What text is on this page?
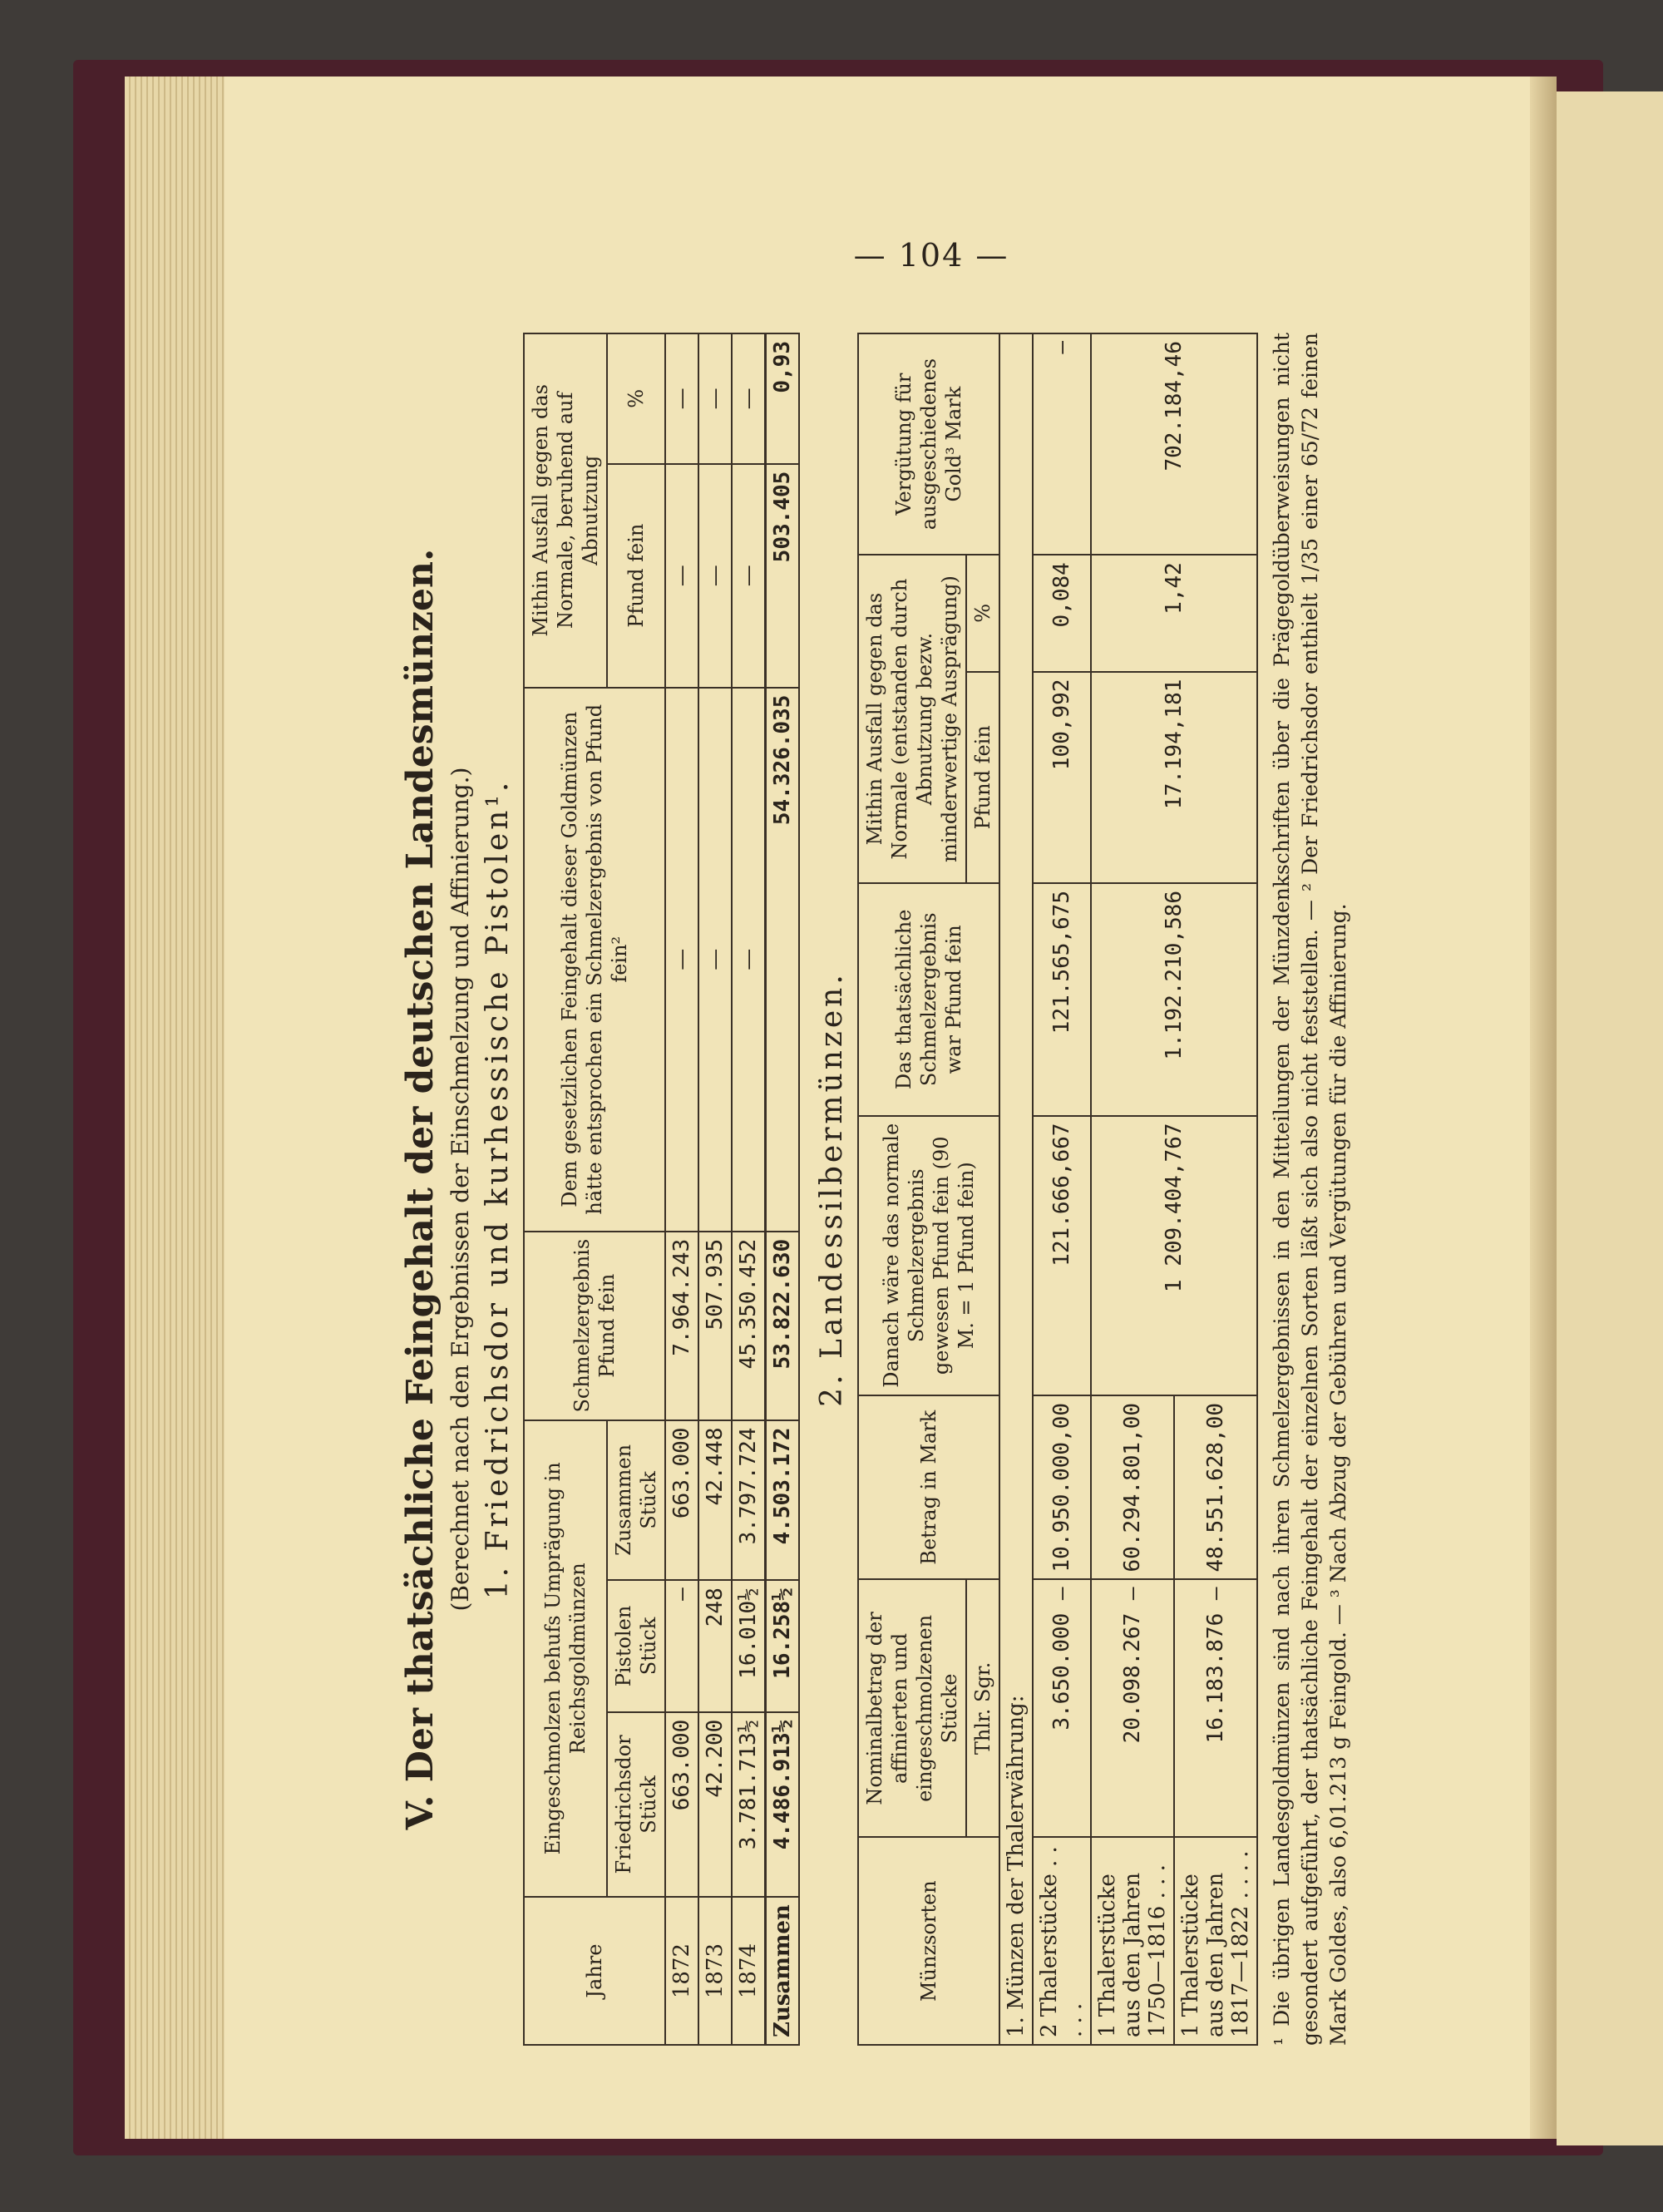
— 104 —
V. Der thatsächliche Feingehalt der deutschen Landesmünzen. (Berechnet nach den Ergebnissen der Einschmelzung und Affinierung.) 1. Friedrichsdor und kurhessische Pistolen¹.
Jahre	Eingeschmolzen behufs Umprägung in Reichsgoldmünzen			Schmelzergebnis Pfund fein	Dem gesetzlichen Feingehalt dieser Goldmünzen hätte entsprochen ein Schmelzergebnis von Pfund fein²	Mithin Ausfall gegen das Normale, beruhend auf Abnutzung	
	Friedrichsdor Stück	Pistolen Stück	Zusammen Stück			Pfund fein	%
1872	663.000	—	663.000	7.964.243	—	—	—
1873	42.200	248	42.448	507.935	—	—	—
1874	3.781.713½	16.010½	3.797.724	45.350.452	—	—	—
Zusammen	4.486.913½	16.258½	4.503.172	53.822.630	54.326.035	503.405	0,93
2. Landessilbermünzen.
Münzsorten	Nominalbetrag der affinierten und eingeschmolzenen Stücke	Betrag in Mark	Danach wäre das normale Schmelzergebnis gewesen Pfund fein (90 M. = 1 Pfund fein)	Das thatsächliche Schmelzergebnis war Pfund fein	Mithin Ausfall gegen das Normale (entstanden durch Abnutzung bezw. minderwertige Ausprägung)		Vergütung für ausgeschiedenes Gold³ Mark
	Thlr. Sgr.				Pfund fein	%	
1. Münzen der Thalerwährung:							
2 Thalerstücke . . . . .	3.650.000 —	10.950.000,00	121.666,667	121.565,675	100,992	0,084	—
1 Thalerstücke aus den Jahren 1750—1816 . . .	20.098.267 —	60.294.801,00	1 209.404,767	1.192.210,586	17.194,181	1,42	702.184,46
1 Thalerstücke aus den Jahren 1817—1822 . . . .	16.183.876 —	48.551.628,00					¹ Die übrigen Landesgoldmünzen sind nach ihren Schmelzergebnissen in den Mitteilungen der Münzdenkschriften über die Prägegoldüberweisungen nicht gesondert aufgeführt, der thatsächliche Feingehalt der einzelnen Sorten läßt sich also nicht feststellen. — ² Der Friedrichsdor enthielt 1/35 einer 65/72 feinen Mark Goldes, also 6,01.213 g Feingold. — ³ Nach Abzug der Gebühren und Vergütungen für die Affinierung.
